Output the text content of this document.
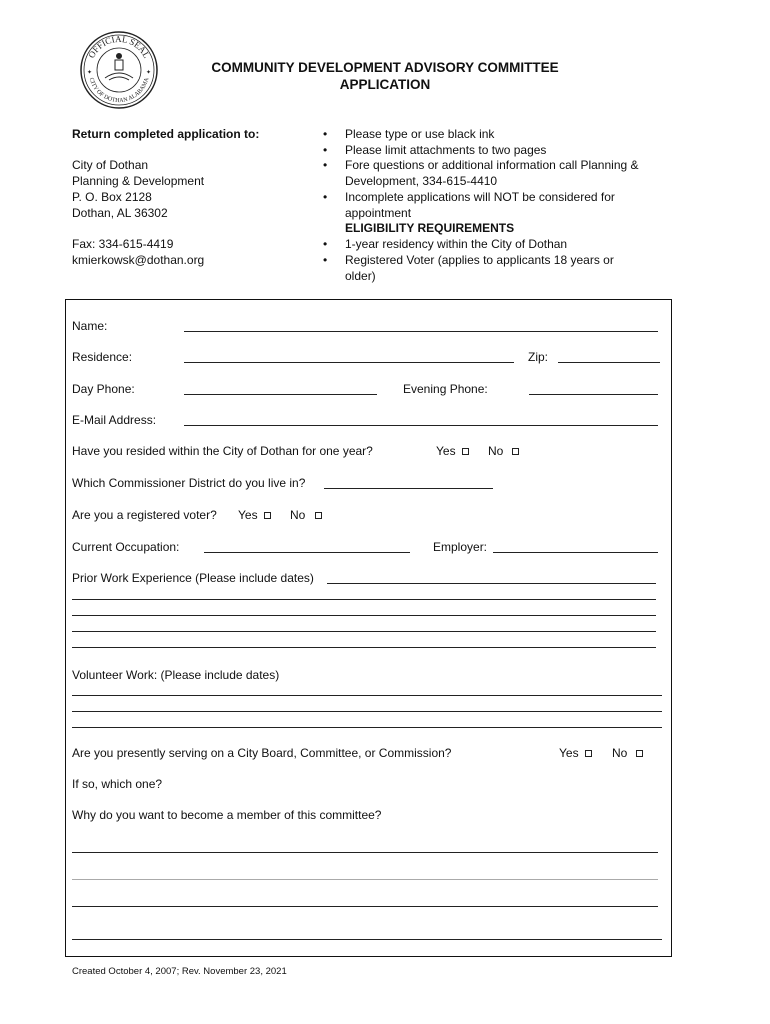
OFFICIAL SEAL
CITY OF DOTHAN ALABAMA
✦	✦	COMMUNITY DEVELOPMENT ADVISORY COMMITTEE
APPLICATION
Return completed application to:
City of Dothan
Planning & Development
P. O. Box 2128
Dothan, AL 36302
Fax: 334-615-4419
kmierkowsk@dothan.org
• Please type or use black ink
• Please limit attachments to two pages
• Fore questions or additional information call Planning &
Development, 334-615-4410
• Incomplete applications will NOT be considered for
appointment
ELIGIBILITY REQUIREMENTS
• 1-year residency within the City of Dothan
• Registered Voter (applies to applicants 18 years or
older)
Name:
Residence:	Zip:
Day Phone:	Evening Phone:
E-Mail Address:
Have you resided within the City of Dothan for one year?	Yes	No
Which Commissioner District do you live in?
Are you a registered voter? Yes	No
Current Occupation:	Employer:
Prior Work Experience (Please include dates)
Volunteer Work: (Please include dates)
Are you presently serving on a City Board, Committee, or Commission?	Yes	No
If so, which one?
Why do you want to become a member of this committee?
Created October 4, 2007; Rev. November 23, 2021
